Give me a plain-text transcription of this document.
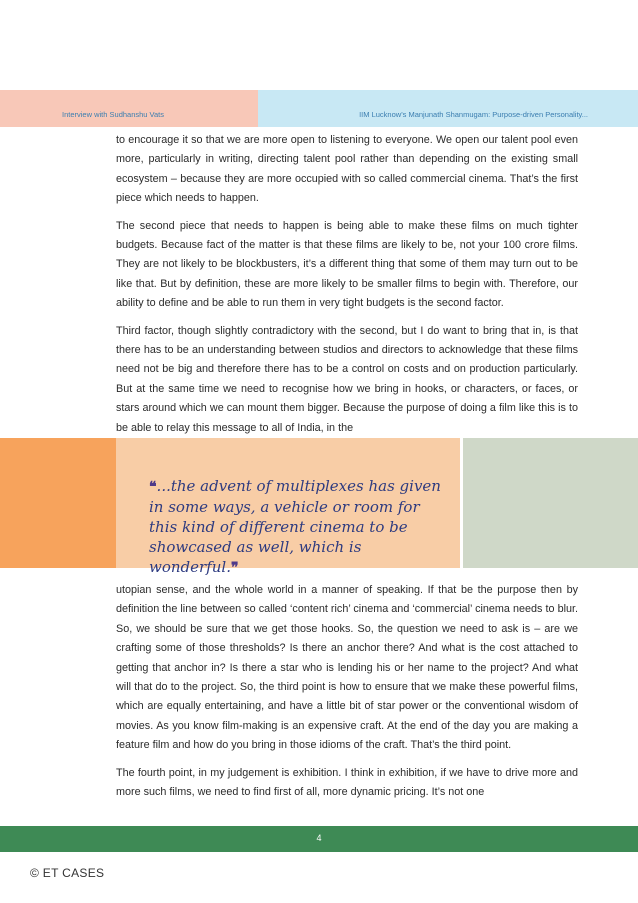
Interview with Sudhanshu Vats	IIM Lucknow's Manjunath Shanmugam: Purpose-driven Personality...

to encourage it so that we are more open to listening to everyone. We open our talent pool even more, particularly in writing, directing talent pool rather than depending on the existing small ecosystem – because they are more occupied with so called commercial cinema. That’s the first piece which needs to happen.

The second piece that needs to happen is being able to make these films on much tighter budgets. Because fact of the matter is that these films are likely to be, not your 100 crore films. They are not likely to be blockbusters, it’s a different thing that some of them may turn out to be like that. But by definition, these are more likely to be smaller films to begin with. Therefore, our ability to define and be able to run them in very tight budgets is the second factor.

Third factor, though slightly contradictory with the second, but I do want to bring that in, is that there has to be an understanding between studios and directors to acknowledge that these films need not be big and therefore there has to be a control on costs and on production particularly. But at the same time we need to recognise how we bring in hooks, or characters, or faces, or stars around which we can mount them bigger. Because the purpose of doing a film like this is to be able to relay this message to all of India, in the

❝...the advent of multiplexes has given in some ways, a vehicle or room for this kind of different cinema to be showcased as well, which is wonderful.❞

utopian sense, and the whole world in a manner of speaking. If that be the purpose then by definition the line between so called ‘content rich’ cinema and ‘commercial’ cinema needs to blur. So, we should be sure that we get those hooks. So, the question we need to ask is – are we crafting some of those thresholds? Is there an anchor there? And what is the cost attached to getting that anchor in? Is there a star who is lending his or her name to the project? And what will that do to the project. So, the third point is how to ensure that we make these powerful films, which are equally entertaining, and have a little bit of star power or the conventional wisdom of movies. As you know film-making is an expensive craft. At the end of the day you are making a feature film and how do you bring in those idioms of the craft. That’s the third point.

The fourth point, in my judgement is exhibition. I think in exhibition, if we have to drive more and more such films, we need to find first of all, more dynamic pricing. It’s not one

4
© ET CASES
